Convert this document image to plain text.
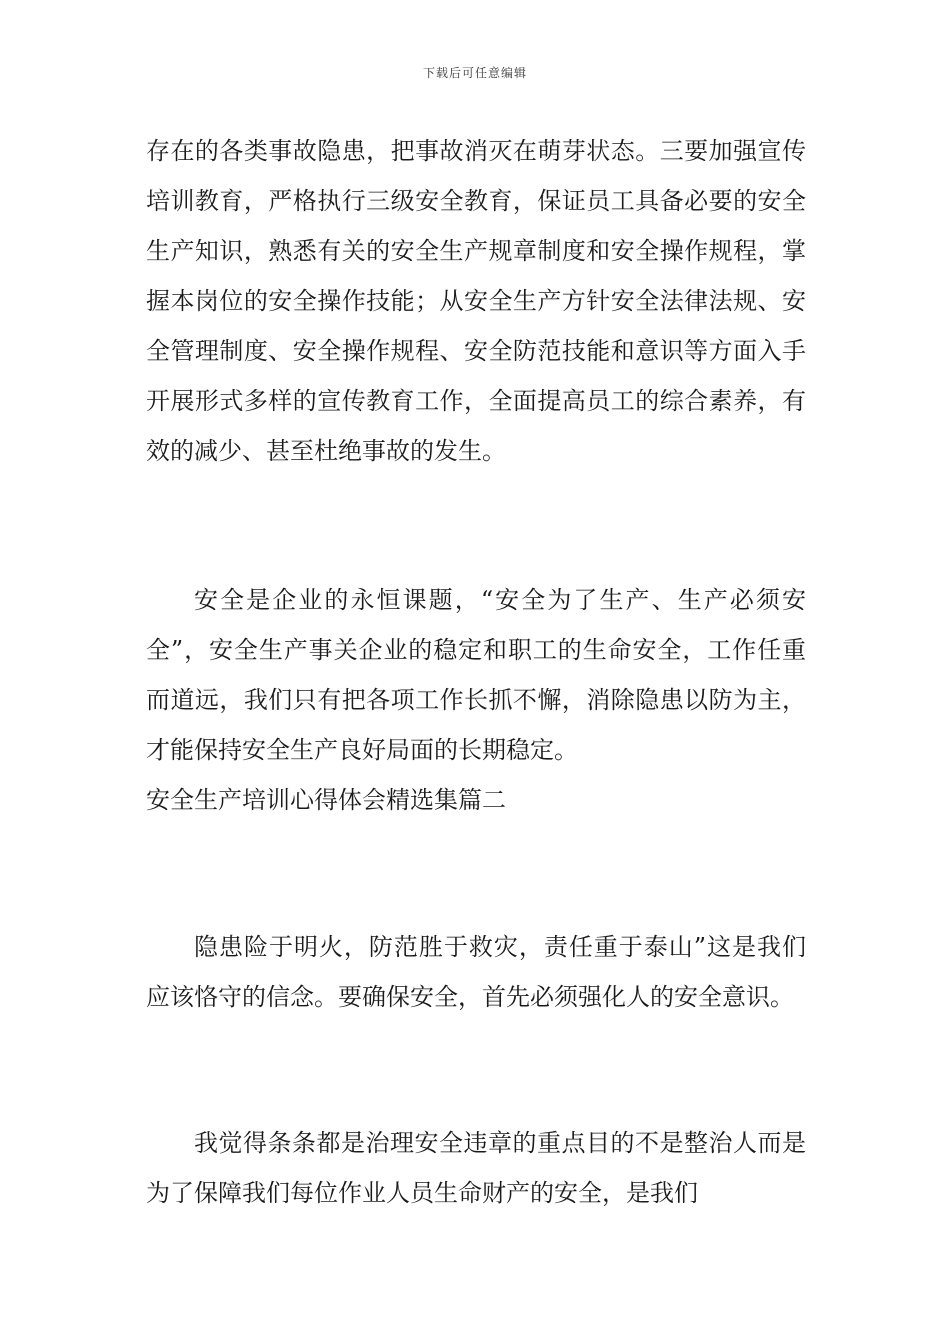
下载后可任意编辑

存在的各类事故隐患，把事故消灭在萌芽状态。三要加强宣传培训教育，严格执行三级安全教育，保证员工具备必要的安全生产知识，熟悉有关的安全生产规章制度和安全操作规程，掌握本岗位的安全操作技能；从安全生产方针安全法律法规、安全管理制度、安全操作规程、安全防范技能和意识等方面入手开展形式多样的宣传教育工作，全面提高员工的综合素养，有效的减少、甚至杜绝事故的发生。

安全是企业的永恒课题，“安全为了生产、生产必须安全”，安全生产事关企业的稳定和职工的生命安全，工作任重而道远，我们只有把各项工作长抓不懈，消除隐患以防为主，才能保持安全生产良好局面的长期稳定。

安全生产培训心得体会精选集篇二

隐患险于明火，防范胜于救灾，责任重于泰山”这是我们应该恪守的信念。要确保安全，首先必须强化人的安全意识。

我觉得条条都是治理安全违章的重点目的不是整治人而是为了保障我们每位作业人员生命财产的安全，是我们
